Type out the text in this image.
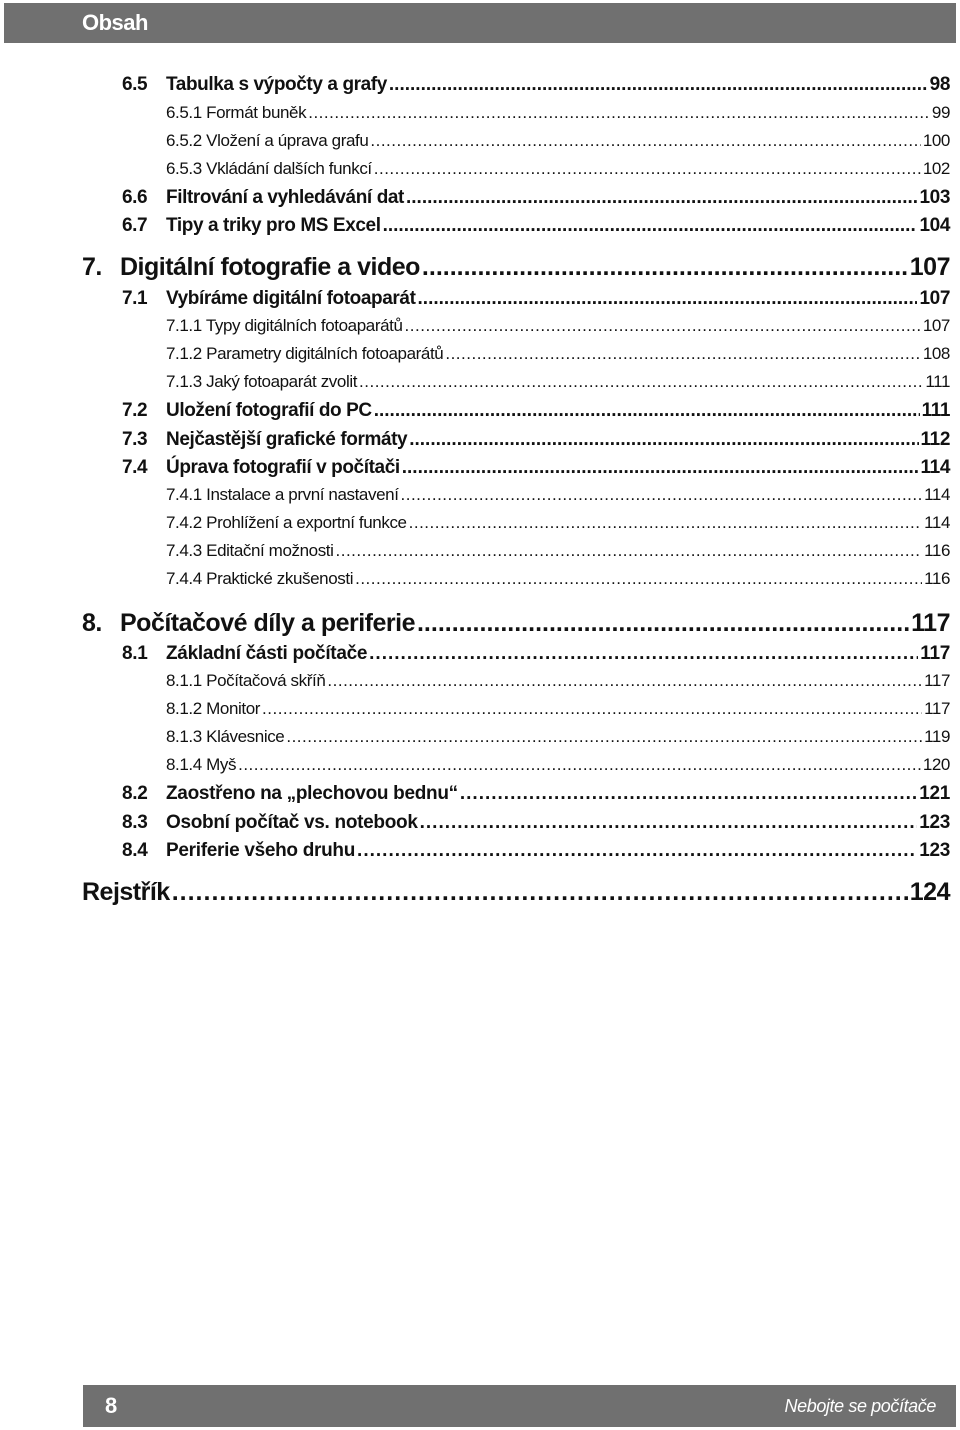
Obsah
6.5 Tabulka s výpočty a grafy .....	98
6.5.1 Formát buněk .....	99
6.5.2 Vložení a úprava grafu .....	100
6.5.3 Vkládání dalších funkcí .....	102
6.6 Filtrování a vyhledávání dat .....	103
6.7 Tipy a triky pro MS Excel .....	104
7. Digitální fotografie a video .....	107
7.1 Vybíráme digitální fotoaparát .....	107
7.1.1 Typy digitálních fotoaparátů .....	107
7.1.2 Parametry digitálních fotoaparátů .....	108
7.1.3 Jaký fotoaparát zvolit .....	111
7.2 Uložení fotografií do PC .....	111
7.3 Nejčastější grafické formáty .....	112
7.4 Úprava fotografií v počítači .....	114
7.4.1 Instalace a první nastavení .....	114
7.4.2 Prohlížení a exportní funkce .....	114
7.4.3 Editační možnosti .....	116
7.4.4 Praktické zkušenosti .....	116
8. Počítačové díly a periferie .....	117
8.1 Základní části počítače .....	117
8.1.1 Počítačová skříň .....	117
8.1.2 Monitor .....	117
8.1.3 Klávesnice .....	119
8.1.4 Myš .....	120
8.2 Zaostřeno na „plechovou bednu“ .....	121
8.3 Osobní počítač vs. notebook .....	123
8.4 Periferie všeho druhu .....	123
Rejstřík .....	124
8	Nebojte se počítače
